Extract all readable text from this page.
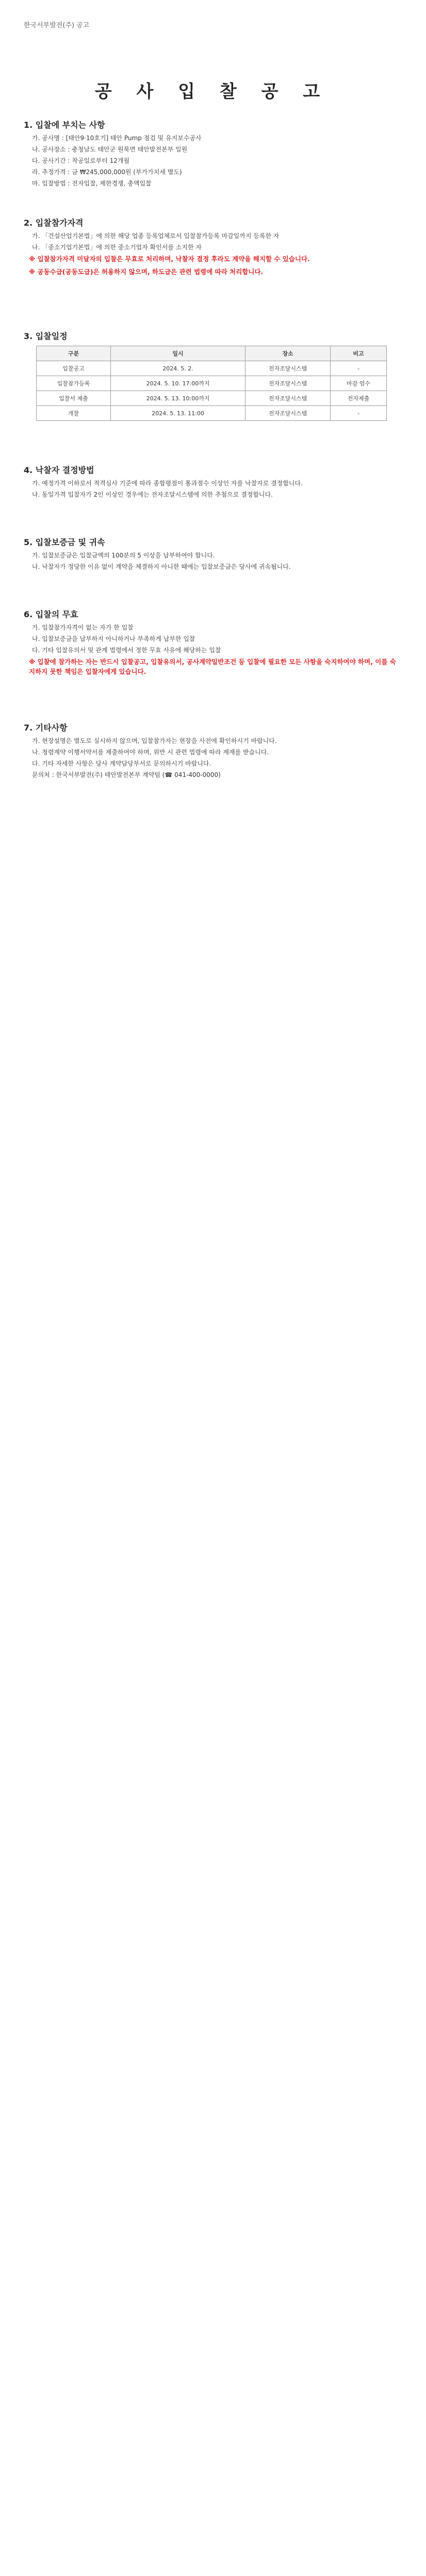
한국서부발전(주) 공고
공 사 입 찰 공 고
1. 입찰에 부치는 사항
가. 공사명 : [태안9·10호기] 태안 Pump 점검 및 유지보수공사
나. 공사장소 : 충청남도 태안군 원북면 태안발전본부 일원
다. 공사기간 : 착공일로부터 12개월
라. 추정가격 : 금 ₩245,000,000원 (부가가치세 별도)
마. 입찰방법 : 전자입찰, 제한경쟁, 총액입찰
2. 입찰참가자격
가. 「건설산업기본법」에 의한 해당 업종 등록업체로서 입찰참가등록 마감일까지 등록한 자
나. 「중소기업기본법」에 의한 중소기업자 확인서를 소지한 자
※ 입찰참가자격 미달자의 입찰은 무효로 처리하며, 낙찰자 결정 후라도 계약을 해지할 수 있습니다.
※ 공동수급(공동도급)은 허용하지 않으며, 하도급은 관련 법령에 따라 처리합니다.
3. 입찰일정
구분	일시	장소	비고
입찰공고	2024. 5. 2.	전자조달시스템	-
입찰참가등록	2024. 5. 10. 17:00까지	전자조달시스템	마감 엄수
입찰서 제출	2024. 5. 13. 10:00까지	전자조달시스템	전자제출
개찰	2024. 5. 13. 11:00	전자조달시스템	-
4. 낙찰자 결정방법
가. 예정가격 이하로서 적격심사 기준에 따라 종합평점이 통과점수 이상인 자를 낙찰자로 결정합니다.
나. 동일가격 입찰자가 2인 이상인 경우에는 전자조달시스템에 의한 추첨으로 결정합니다.
5. 입찰보증금 및 귀속
가. 입찰보증금은 입찰금액의 100분의 5 이상을 납부하여야 합니다.
나. 낙찰자가 정당한 이유 없이 계약을 체결하지 아니한 때에는 입찰보증금은 당사에 귀속됩니다.
6. 입찰의 무효
가. 입찰참가자격이 없는 자가 한 입찰
나. 입찰보증금을 납부하지 아니하거나 부족하게 납부한 입찰
다. 기타 입찰유의서 및 관계 법령에서 정한 무효 사유에 해당하는 입찰
※ 입찰에 참가하는 자는 반드시 입찰공고, 입찰유의서, 공사계약일반조건 등 입찰에 필요한 모든 사항을 숙지하여야 하며, 이를 숙지하지 못한 책임은 입찰자에게 있습니다.
7. 기타사항
가. 현장설명은 별도로 실시하지 않으며, 입찰참가자는 현장을 사전에 확인하시기 바랍니다.
나. 청렴계약 이행서약서를 제출하여야 하며, 위반 시 관련 법령에 따라 제재를 받습니다.
다. 기타 자세한 사항은 당사 계약담당부서로 문의하시기 바랍니다.
문의처 : 한국서부발전(주) 태안발전본부 계약팀 (☎ 041-400-0000)
